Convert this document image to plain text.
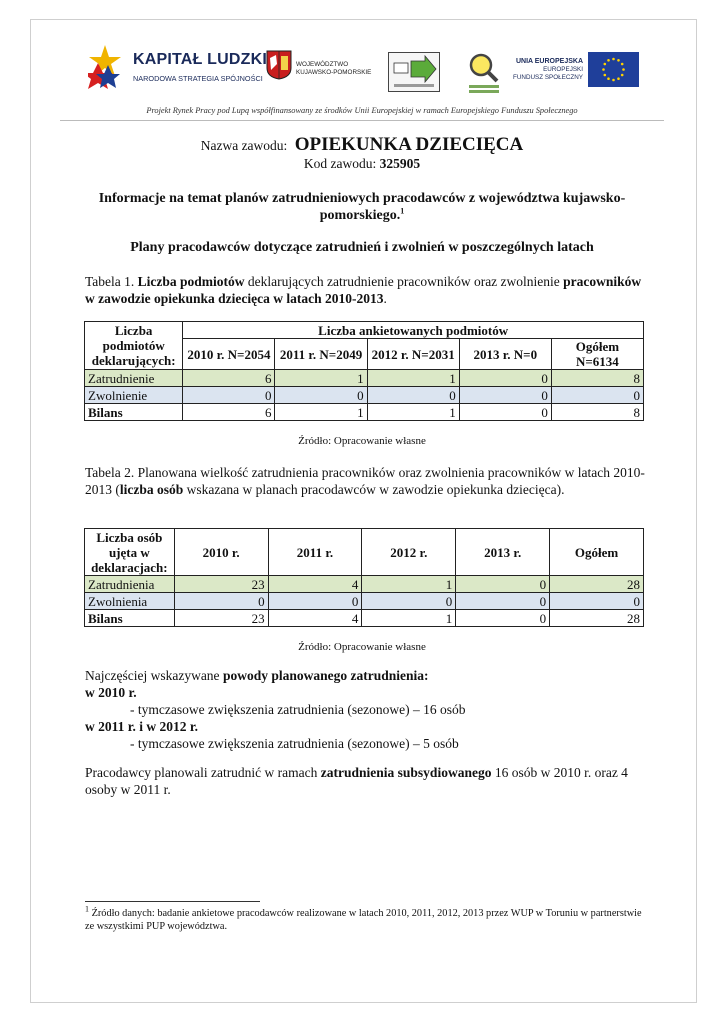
KAPITAŁ LUDZKI
NARODOWA STRATEGIA SPÓJNOŚCI
WOJEWÓDZTWO
KUJAWSKO-POMORSKIE
UNIA EUROPEJSKA
EUROPEJSKI
FUNDUSZ SPOŁECZNY
Projekt Rynek Pracy pod Lupą współfinansowany ze środków Unii Europejskiej w ramach Europejskiego Funduszu Społecznego
Nazwa zawodu: OPIEKUNKA DZIECIĘCA
Kod zawodu: 325905
Informacje na temat planów zatrudnieniowych pracodawców z województwa kujawsko-pomorskiego.$^1$
Plany pracodawców dotyczące zatrudnień i zwolnień w poszczególnych latach
Tabela 1. Liczba podmiotów deklarujących zatrudnienie pracowników oraz zwolnienie pracowników w zawodzie opiekunka dziecięca w latach 2010-2013.
Liczba podmiotów deklarujących:	Liczba ankietowanych podmiotów				
	2010 r. N=2054	2011 r. N=2049	2012 r. N=2031	2013 r. N=0	Ogółem N=6134
Zatrudnienie	6	1	1	0	8
Zwolnienie	0	0	0	0	0
Bilans	6	1	1	0	8
Źródło: Opracowanie własne
Tabela 2. Planowana wielkość zatrudnienia pracowników oraz zwolnienia pracowników w latach 2010-2013 (liczba osób wskazana w planach pracodawców w zawodzie opiekunka dziecięca).
Liczba osób ujęta w deklaracjach:	2010 r.	2011 r.	2012 r.	2013 r.	Ogółem
Zatrudnienia	23	4	1	0	28
Zwolnienia	0	0	0	0	0
Bilans	23	4	1	0	28
Źródło: Opracowanie własne
Najczęściej wskazywane powody planowanego zatrudnienia:
w 2010 r.
- tymczasowe zwiększenia zatrudnienia (sezonowe) – 16 osób
w 2011 r. i w 2012 r.
- tymczasowe zwiększenia zatrudnienia (sezonowe) – 5 osób
Pracodawcy planowali zatrudnić w ramach zatrudnienia subsydiowanego 16 osób w 2010 r. oraz 4 osoby w 2011 r.
$^1$ Źródło danych: badanie ankietowe pracodawców realizowane w latach 2010, 2011, 2012, 2013 przez WUP w Toruniu w partnerstwie ze wszystkimi PUP województwa.
